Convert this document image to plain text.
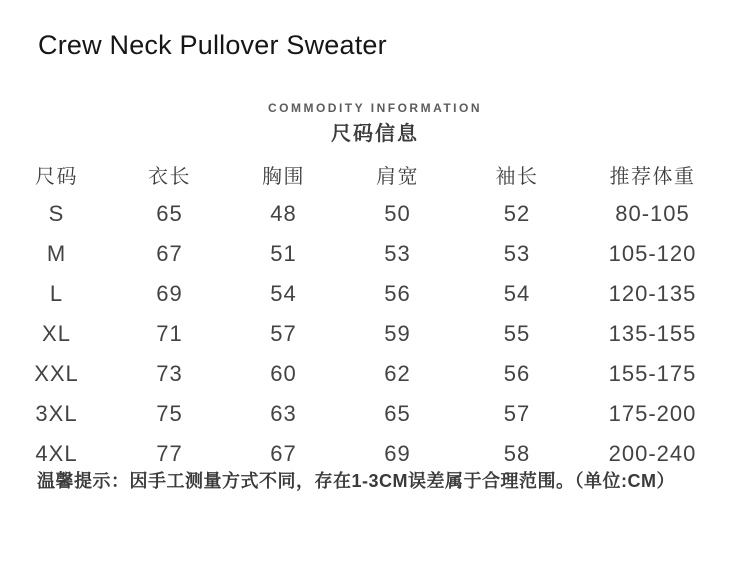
Crew Neck Pullover Sweater
COMMODITY INFORMATION
尺码信息
尺码	衣长	胸围	肩宽	袖长	推荐体重
S	65	48	50	52	80-105
M	67	51	53	53	105-120
L	69	54	56	54	120-135
XL	71	57	59	55	135-155
XXL	73	60	62	56	155-175
3XL	75	63	65	57	175-200
4XL	77	67	69	58	200-240
温馨提示：因手工测量方式不同，存在1-3CM误差属于合理范围。（单位:CM）
